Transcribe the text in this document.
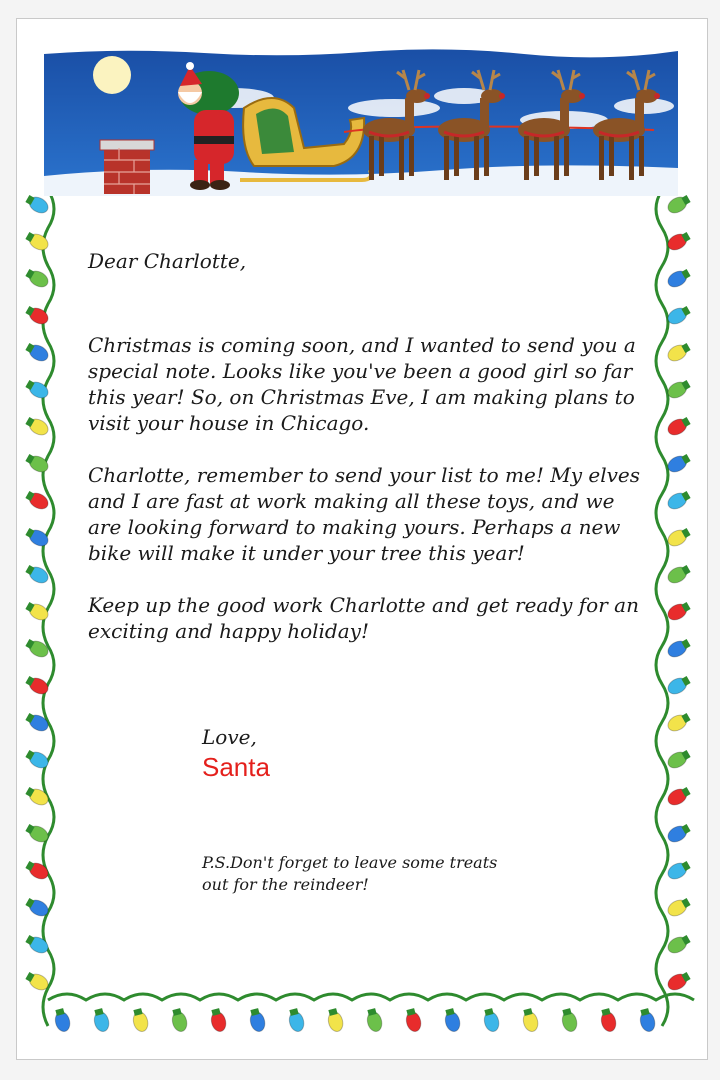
Dear Charlotte,

Christmas is coming soon, and I wanted to send you a special note. Looks like you've been a good girl so far this year! So, on Christmas Eve, I am making plans to visit your house in Chicago.

Charlotte, remember to send your list to me! My elves and I are fast at work making all these toys, and we are looking forward to making yours. Perhaps a new bike will make it under your tree this year!

Keep up the good work Charlotte and get ready for an exciting and happy holiday!

Love,
Santa
P.S.Don't forget to leave some treats out for the reindeer!
